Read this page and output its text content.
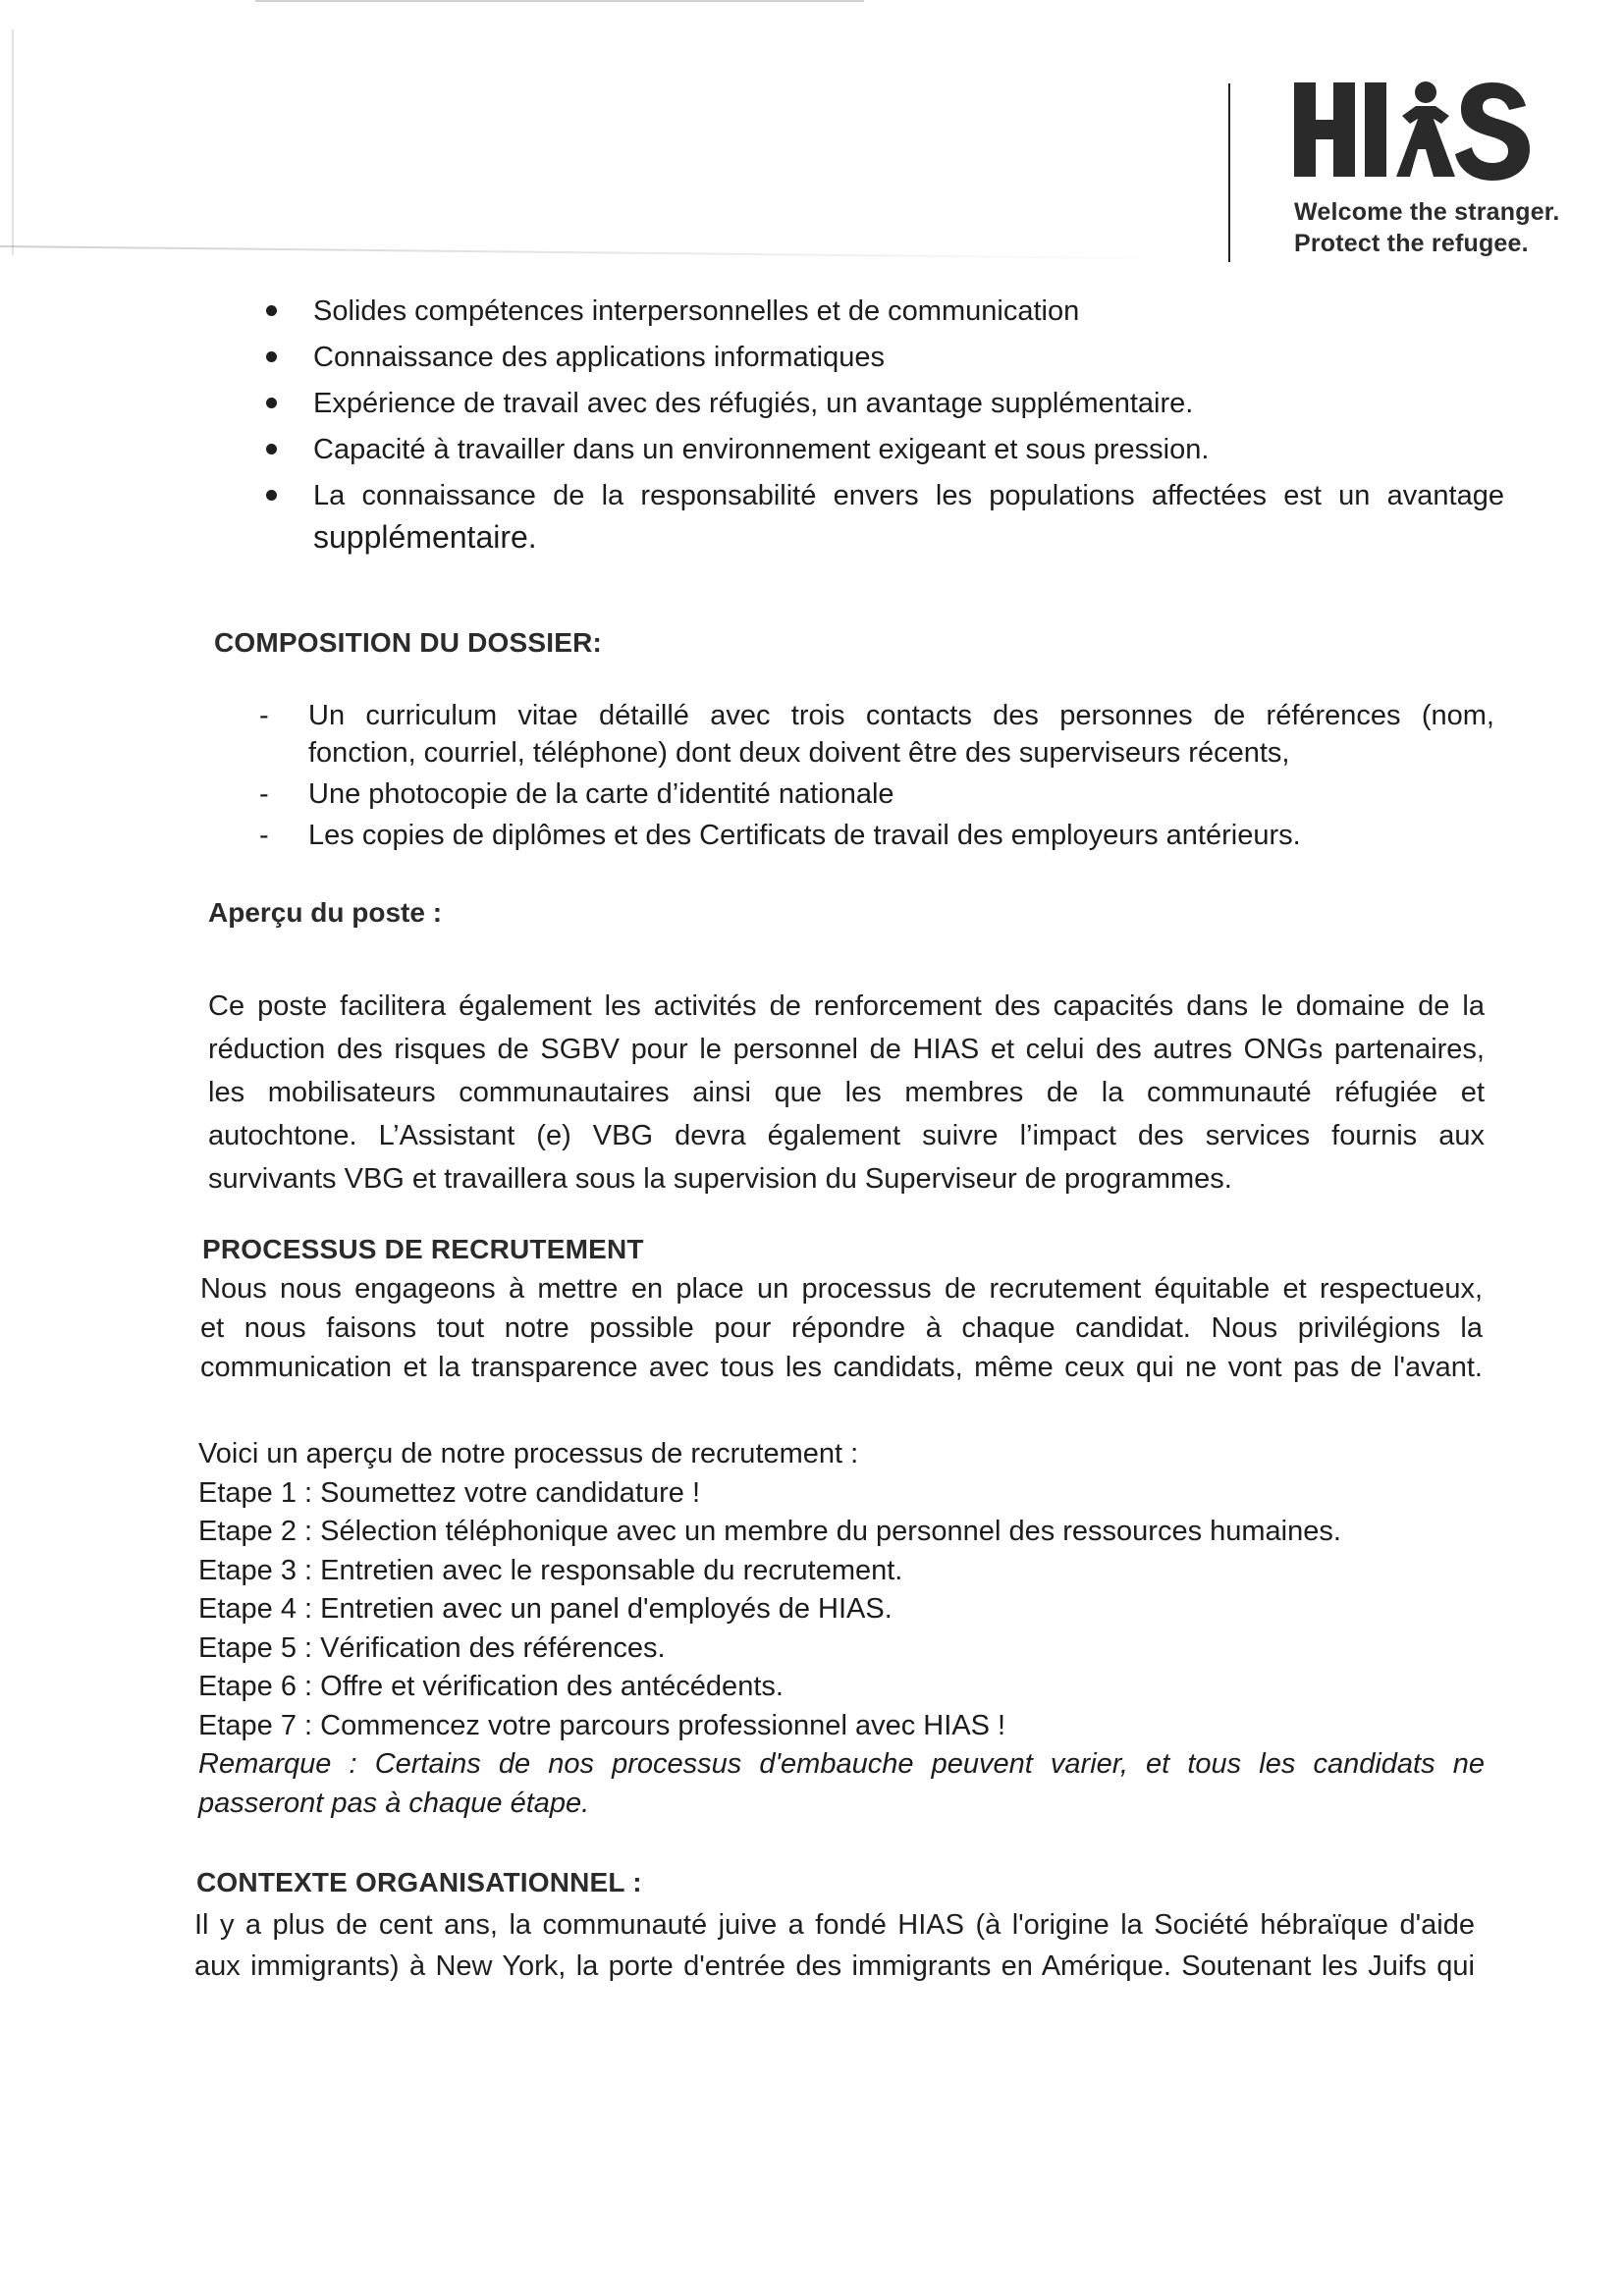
Welcome the stranger.
Protect the refugee.
Solides compétences interpersonnelles et de communication
Connaissance des applications informatiques
Expérience de travail avec des réfugiés, un avantage supplémentaire.
Capacité à travailler dans un environnement exigeant et sous pression.
La connaissance de la responsabilité envers les populations affectées est un avantage
supplémentaire.
COMPOSITION DU DOSSIER:
- Un curriculum vitae détaillé avec trois contacts des personnes de références (nom,
fonction, courriel, téléphone) dont deux doivent être des superviseurs récents,
- Une photocopie de la carte d’identité nationale
- Les copies de diplômes et des Certificats de travail des employeurs antérieurs.
Aperçu du poste :
Ce poste facilitera également les activités de renforcement des capacités dans le domaine de la
réduction des risques de SGBV pour le personnel de HIAS et celui des autres ONGs partenaires,
les mobilisateurs communautaires ainsi que les membres de la communauté réfugiée et
autochtone. L’Assistant (e) VBG devra également suivre l’impact des services fournis aux
survivants VBG et travaillera sous la supervision du Superviseur de programmes.
PROCESSUS DE RECRUTEMENT
Nous nous engageons à mettre en place un processus de recrutement équitable et respectueux,
et nous faisons tout notre possible pour répondre à chaque candidat. Nous privilégions la
communication et la transparence avec tous les candidats, même ceux qui ne vont pas de l'avant.
Voici un aperçu de notre processus de recrutement :
Etape 1 : Soumettez votre candidature !
Etape 2 : Sélection téléphonique avec un membre du personnel des ressources humaines.
Etape 3 : Entretien avec le responsable du recrutement.
Etape 4 : Entretien avec un panel d'employés de HIAS.
Etape 5 : Vérification des références.
Etape 6 : Offre et vérification des antécédents.
Etape 7 : Commencez votre parcours professionnel avec HIAS !
Remarque : Certains de nos processus d'embauche peuvent varier, et tous les candidats ne
passeront pas à chaque étape.
CONTEXTE ORGANISATIONNEL :
Il y a plus de cent ans, la communauté juive a fondé HIAS (à l'origine la Société hébraïque d'aide
aux immigrants) à New York, la porte d'entrée des immigrants en Amérique. Soutenant les Juifs qui
